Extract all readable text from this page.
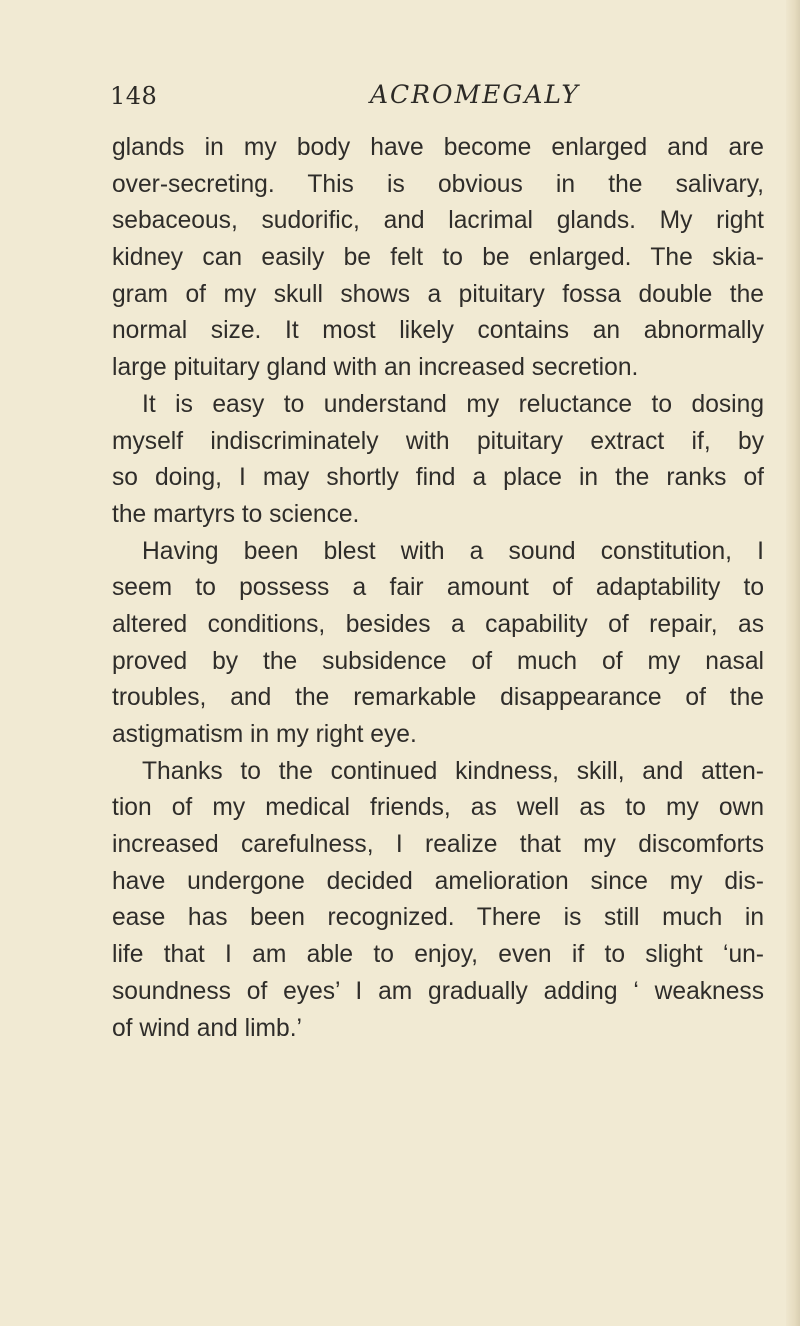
148	ACROMEGALY
glands in my body have become enlarged and are
over-secreting. This is obvious in the salivary,
sebaceous, sudorific, and lacrimal glands. My right
kidney can easily be felt to be enlarged. The skia-
gram of my skull shows a pituitary fossa double the
normal size. It most likely contains an abnormally
large pituitary gland with an increased secretion.
It is easy to understand my reluctance to dosing
myself indiscriminately with pituitary extract if, by
so doing, I may shortly find a place in the ranks of
the martyrs to science.
Having been blest with a sound constitution, I
seem to possess a fair amount of adaptability to
altered conditions, besides a capability of repair, as
proved by the subsidence of much of my nasal
troubles, and the remarkable disappearance of the
astigmatism in my right eye.
Thanks to the continued kindness, skill, and atten-
tion of my medical friends, as well as to my own
increased carefulness, I realize that my discomforts
have undergone decided amelioration since my dis-
ease has been recognized. There is still much in
life that I am able to enjoy, even if to slight ‘un-
soundness of eyes’ I am gradually adding ‘ weakness
of wind and limb.’
